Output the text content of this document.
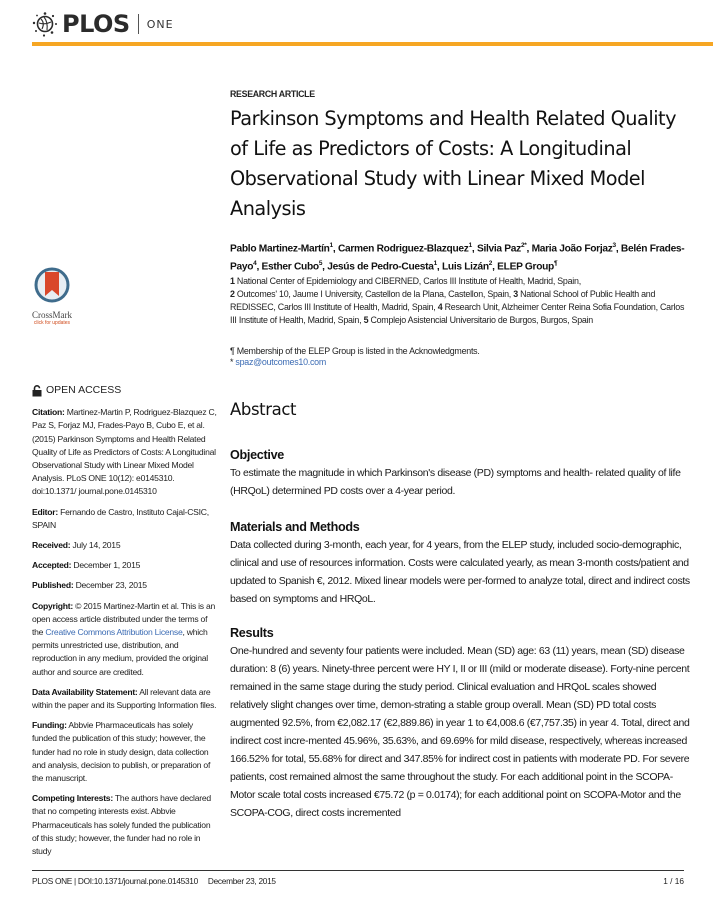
PLOS ONE
CrossMark
click for updates
OPEN ACCESS
Citation: Martinez-Martin P, Rodriguez-Blazquez C, Paz S, Forjaz MJ, Frades-Payo B, Cubo E, et al. (2015) Parkinson Symptoms and Health Related Quality of Life as Predictors of Costs: A Longitudinal Observational Study with Linear Mixed Model Analysis. PLoS ONE 10(12): e0145310. doi:10.1371/ journal.pone.0145310
Editor: Fernando de Castro, Instituto Cajal-CSIC, SPAIN
Received: July 14, 2015
Accepted: December 1, 2015
Published: December 23, 2015
Copyright: © 2015 Martinez-Martin et al. This is an open access article distributed under the terms of the Creative Commons Attribution License, which permits unrestricted use, distribution, and reproduction in any medium, provided the original author and source are credited.
Data Availability Statement: All relevant data are within the paper and its Supporting Information files.
Funding: Abbvie Pharmaceuticals has solely funded the publication of this study; however, the funder had no role in study design, data collection and analysis, decision to publish, or preparation of the manuscript.
Competing Interests: The authors have declared that no competing interests exist. Abbvie Pharmaceuticals has solely funded the publication of this study; however, the funder had no role in study
RESEARCH ARTICLE
Parkinson Symptoms and Health Related Quality of Life as Predictors of Costs: A Longitudinal Observational Study with Linear Mixed Model Analysis
Pablo Martinez-Martín$^1$, Carmen Rodriguez-Blazquez$^1$, Silvia Paz$^{2*}$, Maria João Forjaz$^3$, Belén Frades-Payo$^4$, Esther Cubo$^5$, Jesús de Pedro-Cuesta$^1$, Luis Lizán$^2$, ELEP Group¶
1 National Center of Epidemiology and CIBERNED, Carlos III Institute of Health, Madrid, Spain,
2 Outcomes' 10, Jaume I University, Castellon de la Plana, Castellon, Spain, 3 National School of Public Health and REDISSEC, Carlos III Institute of Health, Madrid, Spain, 4 Research Unit, Alzheimer Center Reina Sofia Foundation, Carlos III Institute of Health, Madrid, Spain, 5 Complejo Asistencial Universitario de Burgos, Burgos, Spain
¶ Membership of the ELEP Group is listed in the Acknowledgments.
* spaz@outcomes10.com
Abstract
Objective

To estimate the magnitude in which Parkinson's disease (PD) symptoms and health- related quality of life (HRQoL) determined PD costs over a 4-year period.

Materials and Methods

Data collected during 3-month, each year, for 4 years, from the ELEP study, included socio-demographic, clinical and use of resources information. Costs were calculated yearly, as mean 3-month costs/patient and updated to Spanish €, 2012. Mixed linear models were per-formed to analyze total, direct and indirect costs based on symptoms and HRQoL.

Results

One-hundred and seventy four patients were included. Mean (SD) age: 63 (11) years, mean (SD) disease duration: 8 (6) years. Ninety-three percent were HY I, II or III (mild or moderate disease). Forty-nine percent remained in the same stage during the study period. Clinical evaluation and HRQoL scales showed relatively slight changes over time, demon-strating a stable group overall. Mean (SD) PD total costs augmented 92.5%, from €2,082.17 (€2,889.86) in year 1 to €4,008.6 (€7,757.35) in year 4. Total, direct and indirect cost incre-mented 45.96%, 35.63%, and 69.69% for mild disease, respectively, whereas increased 166.52% for total, 55.68% for direct and 347.85% for indirect cost in patients with moderate PD. For severe patients, cost remained almost the same throughout the study. For each additional point in the SCOPA-Motor scale total costs increased €75.72 (p = 0.0174); for each additional point on SCOPA-Motor and the SCOPA-COG, direct costs incremented

PLOS ONE | DOI:10.1371/journal.pone.0145310 December 23, 2015	1 / 16
